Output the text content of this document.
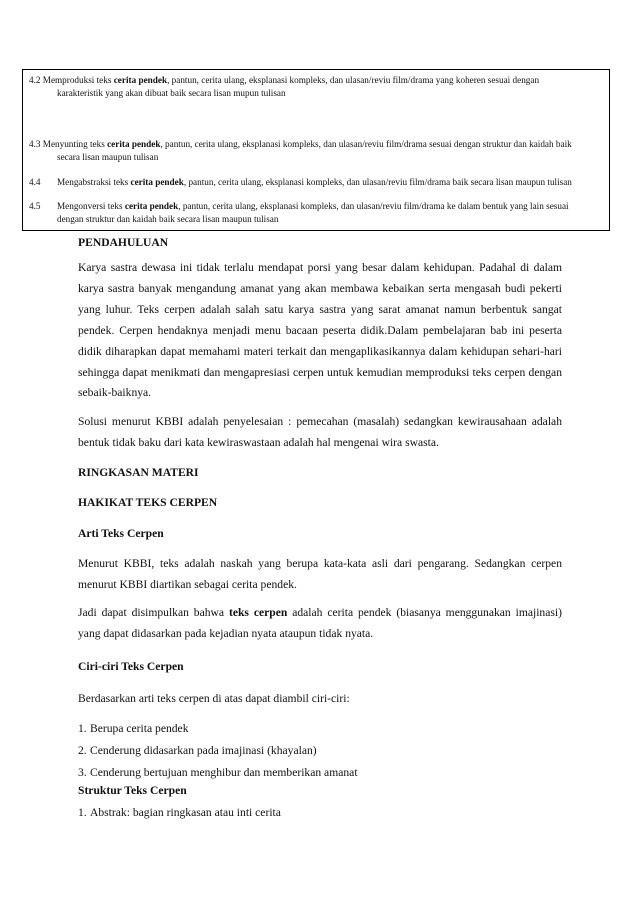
4.2 Memproduksi teks cerita pendek, pantun, cerita ulang, eksplanasi kompleks, dan ulasan/reviu film/drama yang koheren sesuai dengan
karakteristik yang akan dibuat baik secara lisan mupun tulisan
4.3 Menyunting teks cerita pendek, pantun, cerita ulang, eksplanasi kompleks, dan ulasan/reviu film/drama sesuai dengan struktur dan kaidah baik
secara lisan maupun tulisan
4.4 Mengabstraksi teks cerita pendek, pantun, cerita ulang, eksplanasi kompleks, dan ulasan/reviu film/drama baik secara lisan maupun tulisan
4.5 Mengonversi teks cerita pendek, pantun, cerita ulang, eksplanasi kompleks, dan ulasan/reviu film/drama ke dalam bentuk yang lain sesuai
dengan struktur dan kaidah baik secara lisan maupun tulisan

PENDAHULUAN

Karya sastra dewasa ini tidak terlalu mendapat porsi yang besar dalam kehidupan. Padahal di dalam karya sastra banyak mengandung amanat yang akan membawa kebaikan serta mengasah budi pekerti yang luhur. Teks cerpen adalah salah satu karya sastra yang sarat amanat namun berbentuk sangat pendek. Cerpen hendaknya menjadi menu bacaan peserta didik.Dalam pembelajaran bab ini peserta didik diharapkan dapat memahami materi terkait dan mengaplikasikannya dalam kehidupan sehari-hari sehingga dapat menikmati dan mengapresiasi cerpen untuk kemudian memproduksi teks cerpen dengan sebaik-baiknya.

Solusi menurut KBBI adalah penyelesaian : pemecahan (masalah) sedangkan kewirausahaan adalah bentuk tidak baku dari kata kewiraswastaan adalah hal mengenai wira swasta.

RINGKASAN MATERI

HAKIKAT TEKS CERPEN

Arti Teks Cerpen

Menurut KBBI, teks adalah naskah yang berupa kata-kata asli dari pengarang. Sedangkan cerpen menurut KBBI diartikan sebagai cerita pendek.

Jadi dapat disimpulkan bahwa teks cerpen adalah cerita pendek (biasanya menggunakan imajinasi) yang dapat didasarkan pada kejadian nyata ataupun tidak nyata.

Ciri-ciri Teks Cerpen

Berdasarkan arti teks cerpen di atas dapat diambil ciri-ciri:

1. Berupa cerita pendek
2. Cenderung didasarkan pada imajinasi (khayalan)
3. Cenderung bertujuan menghibur dan memberikan amanat

Struktur Teks Cerpen

1. Abstrak: bagian ringkasan atau inti cerita
